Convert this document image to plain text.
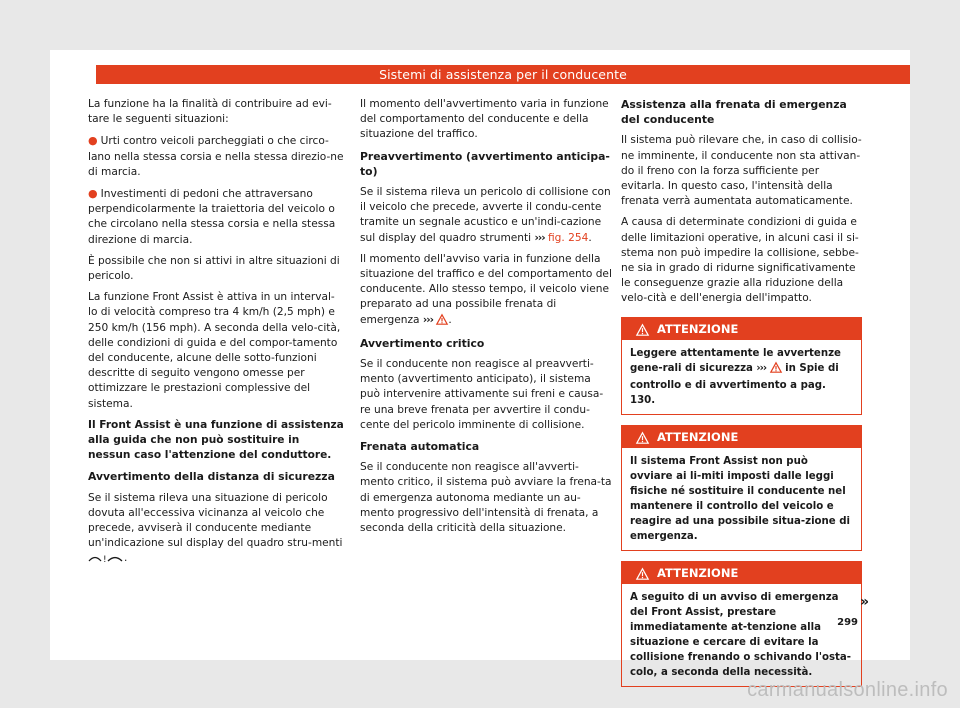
Sistemi di assistenza per il conducente

La funzione ha la finalità di contribuire ad evi-tare le seguenti situazioni:

● Urti contro veicoli parcheggiati o che circo-lano nella stessa corsia e nella stessa direzio-ne di marcia.

● Investimenti di pedoni che attraversano perpendicolarmente la traiettoria del veicolo o che circolano nella stessa corsia e nella stessa direzione di marcia.

È possibile che non si attivi in altre situazioni di pericolo.

La funzione Front Assist è attiva in un interval-lo di velocità compreso tra 4 km/h (2,5 mph) e 250 km/h (156 mph). A seconda della velo-cità, delle condizioni di guida e del compor-tamento del conducente, alcune delle sotto-funzioni descritte di seguito vengono omesse per ottimizzare le prestazioni complessive del sistema.

Il Front Assist è una funzione di assistenza alla guida che non può sostituire in nessun caso l'attenzione del conduttore.

Avvertimento della distanza di sicurezza

Se il sistema rileva una situazione di pericolo dovuta all'eccessiva vicinanza al veicolo che precede, avviserà il conducente mediante un'indicazione sul display del quadro stru-menti
! .

Il momento dell'avvertimento varia in funzione del comportamento del conducente e della situazione del traffico.

Preavvertimento (avvertimento anticipa-to)

Se il sistema rileva un pericolo di collisione con il veicolo che precede, avverte il condu-cente tramite un segnale acustico e un'indi-cazione sul display del quadro strumenti ››› fig. 254.

Il momento dell'avviso varia in funzione della situazione del traffico e del comportamento del conducente. Allo stesso tempo, il veicolo viene preparato ad una possibile frenata di emergenza ››› .

Avvertimento critico

Se il conducente non reagisce al preavverti-mento (avvertimento anticipato), il sistema può intervenire attivamente sui freni e causa-re una breve frenata per avvertire il condu-cente del pericolo imminente di collisione.

Frenata automatica

Se il conducente non reagisce all'avverti-mento critico, il sistema può avviare la frena-ta di emergenza autonoma mediante un au-mento progressivo dell'intensità di frenata, a seconda della criticità della situazione.

Assistenza alla frenata di emergenza del conducente

Il sistema può rilevare che, in caso di collisio-ne imminente, il conducente non sta attivan-do il freno con la forza sufficiente per evitarla. In questo caso, l'intensità della frenata verrà aumentata automaticamente.

A causa di determinate condizioni di guida e delle limitazioni operative, in alcuni casi il si-stema non può impedire la collisione, sebbe-ne sia in grado di ridurne significativamente le conseguenze grazie alla riduzione della velo-cità e dell'energia dell'impatto.

ATTENZIONE
Leggere attentamente le avvertenze gene-rali di sicurezza ››› in Spie di controllo e di avvertimento a pag. 130.
ATTENZIONE
Il sistema Front Assist non può ovviare ai li-miti imposti dalle leggi fisiche né sostituire il conducente nel mantenere il controllo del veicolo e reagire ad una possibile situa-zione di emergenza.
ATTENZIONE
A seguito di un avviso di emergenza del Front Assist, prestare immediatamente at-tenzione alla situazione e cercare di evitare la collisione frenando o schivando l'osta-colo, a seconda della necessità.
»
299
carmanualsonline.info
